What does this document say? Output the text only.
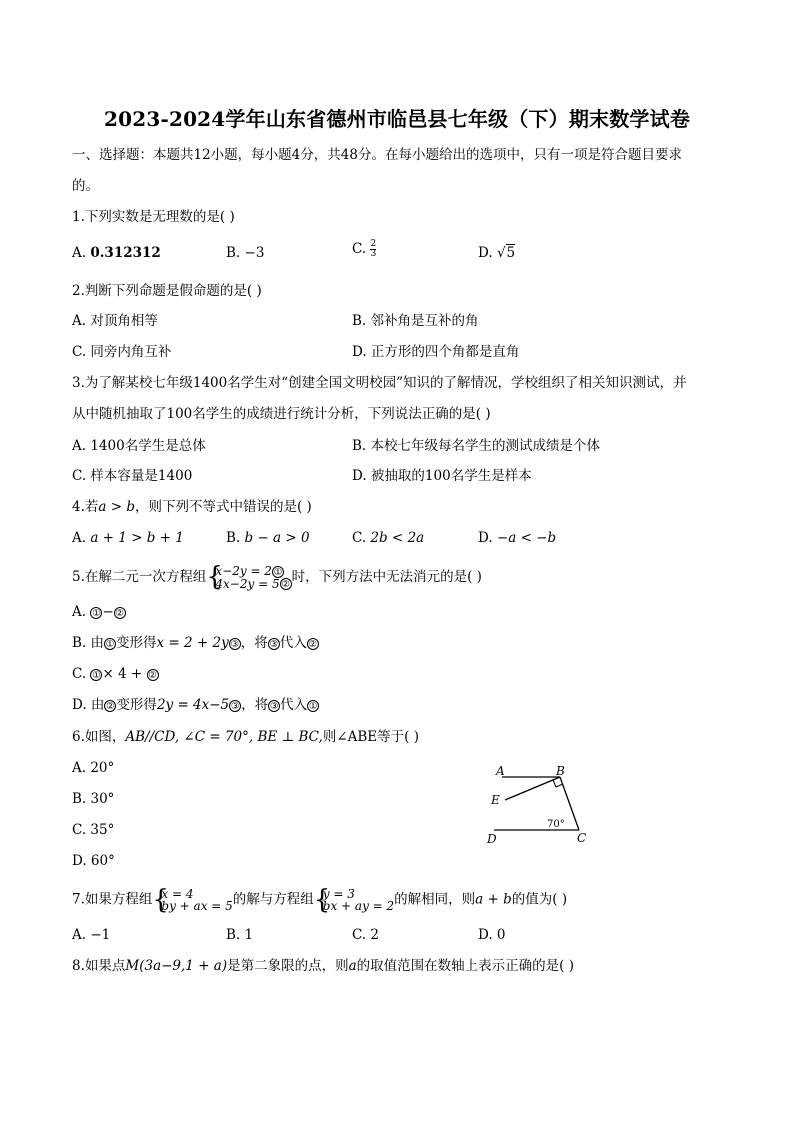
2023-2024学年山东省德州市临邑县七年级（下）期末数学试卷
一、选择题：本题共12小题，每小题4分，共48分。在每小题给出的选项中，只有一项是符合题目要求
的。
1.下列实数是无理数的是( )
A. 0.312312	B. −3	C. $\frac{2}{3}$	D. √5
2.判断下列命题是假命题的是( )
A. 对顶角相等	B. 邻补角是互补的角
C. 同旁内角互补	D. 正方形的四个角都是直角
3.为了解某校七年级1400名学生对“创建全国文明校园”知识的了解情况，学校组织了相关知识测试，并
从中随机抽取了100名学生的成绩进行统计分析，下列说法正确的是( )
A. 1400名学生是总体	B. 本校七年级每名学生的测试成绩是个体
C. 样本容量是1400	D. 被抽取的100名学生是样本
4.若a > b，则下列不等式中错误的是( )
A. a + 1 > b + 1	B. b − a > 0	C. 2b < 2a	D. −a < −b
5.在解二元一次方程组 {
x−2y = 2 ①
4x−2y = 5 ② 时，下列方法中无法消元的是( )
A. ① − ②
B. 由 ① 变形得x = 2 + 2y ③ ，将 ③ 代入 ②
C. ① × 4 + ②
D. 由 ② 变形得2y = 4x−5 ③ ，将 ③ 代入 ①
6.如图，AB//CD, ∠C = 70°, BE ⊥ BC,则∠ABE等于( )
A. 20°
B. 30°
C. 35°
D. 60°
A	B
E
D	C
70°
7.如果方程组 {
x = 4
by + ax = 5 的解与方程组 {
y = 3
bx + ay = 2 的解相同，则a + b的值为( )
A. −1	B. 1	C. 2	D. 0
8.如果点M(3a−9,1 + a)是第二象限的点，则a的取值范围在数轴上表示正确的是( )
